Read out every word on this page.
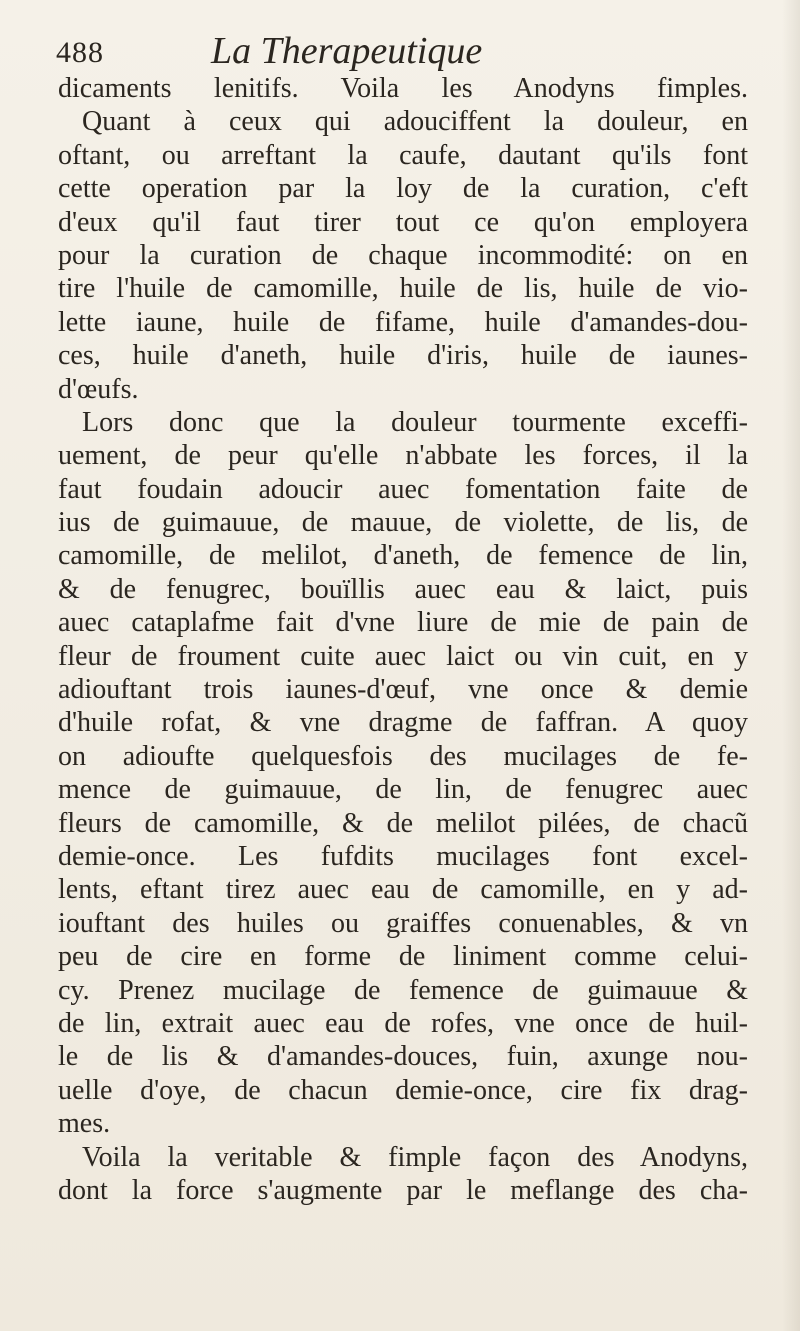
488	La Therapeutique
dicaments lenitifs. Voila les Anodyns fimples.
Quant à ceux qui adouciffent la douleur, en
oftant, ou arreftant la caufe, dautant qu'ils font
cette operation par la loy de la curation, c'eft
d'eux qu'il faut tirer tout ce qu'on employera
pour la curation de chaque incommodité: on en
tire l'huile de camomille, huile de lis, huile de vio-
lette iaune, huile de fifame, huile d'amandes-dou-
ces, huile d'aneth, huile d'iris, huile de iaunes-
d'œufs.
Lors donc que la douleur tourmente exceffi-
uement, de peur qu'elle n'abbate les forces, il la
faut foudain adoucir auec fomentation faite de
ius de guimauue, de mauue, de violette, de lis, de
camomille, de melilot, d'aneth, de femence de lin,
& de fenugrec, bouïllis auec eau & laict, puis
auec cataplafme fait d'vne liure de mie de pain de
fleur de froument cuite auec laict ou vin cuit, en y
adiouftant trois iaunes-d'œuf, vne once & demie
d'huile rofat, & vne dragme de faffran. A quoy
on adioufte quelquesfois des mucilages de fe-
mence de guimauue, de lin, de fenugrec auec
fleurs de camomille, & de melilot pilées, de chacũ
demie-once. Les fufdits mucilages font excel-
lents, eftant tirez auec eau de camomille, en y ad-
iouftant des huiles ou graiffes conuenables, & vn
peu de cire en forme de liniment comme celui-
cy. Prenez mucilage de femence de guimauue &
de lin, extrait auec eau de rofes, vne once de huil-
le de lis & d'amandes-douces, fuin, axunge nou-
uelle d'oye, de chacun demie-once, cire fix drag-
mes.
Voila la veritable & fimple façon des Anodyns,
dont la force s'augmente par le meflange des cha-
